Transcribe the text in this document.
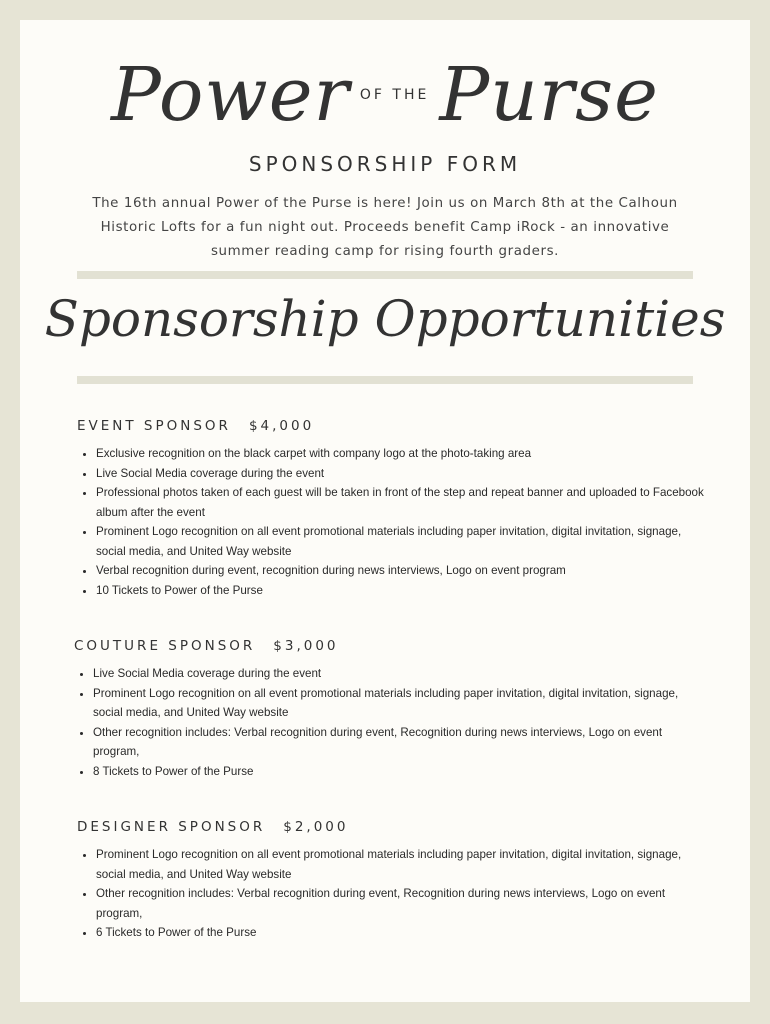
Power OF THE Purse
SPONSORSHIP FORM
The 16th annual Power of the Purse is here! Join us on March 8th at the Calhoun Historic Lofts for a fun night out. Proceeds benefit Camp iRock - an innovative summer reading camp for rising fourth graders.
Sponsorship Opportunities
EVENT SPONSOR $4,000
• Exclusive recognition on the black carpet with company logo at the photo-taking area
• Live Social Media coverage during the event
• Professional photos taken of each guest will be taken in front of the step and repeat banner and uploaded to Facebook album after the event
• Prominent Logo recognition on all event promotional materials including paper invitation, digital invitation, signage, social media, and United Way website
• Verbal recognition during event, recognition during news interviews, Logo on event program
• 10 Tickets to Power of the Purse
COUTURE SPONSOR $3,000
• Live Social Media coverage during the event
• Prominent Logo recognition on all event promotional materials including paper invitation, digital invitation, signage, social media, and United Way website
• Other recognition includes: Verbal recognition during event, Recognition during news interviews, Logo on event program,
• 8 Tickets to Power of the Purse
DESIGNER SPONSOR $2,000
• Prominent Logo recognition on all event promotional materials including paper invitation, digital invitation, signage, social media, and United Way website
• Other recognition includes: Verbal recognition during event, Recognition during news interviews, Logo on event program,
• 6 Tickets to Power of the Purse
